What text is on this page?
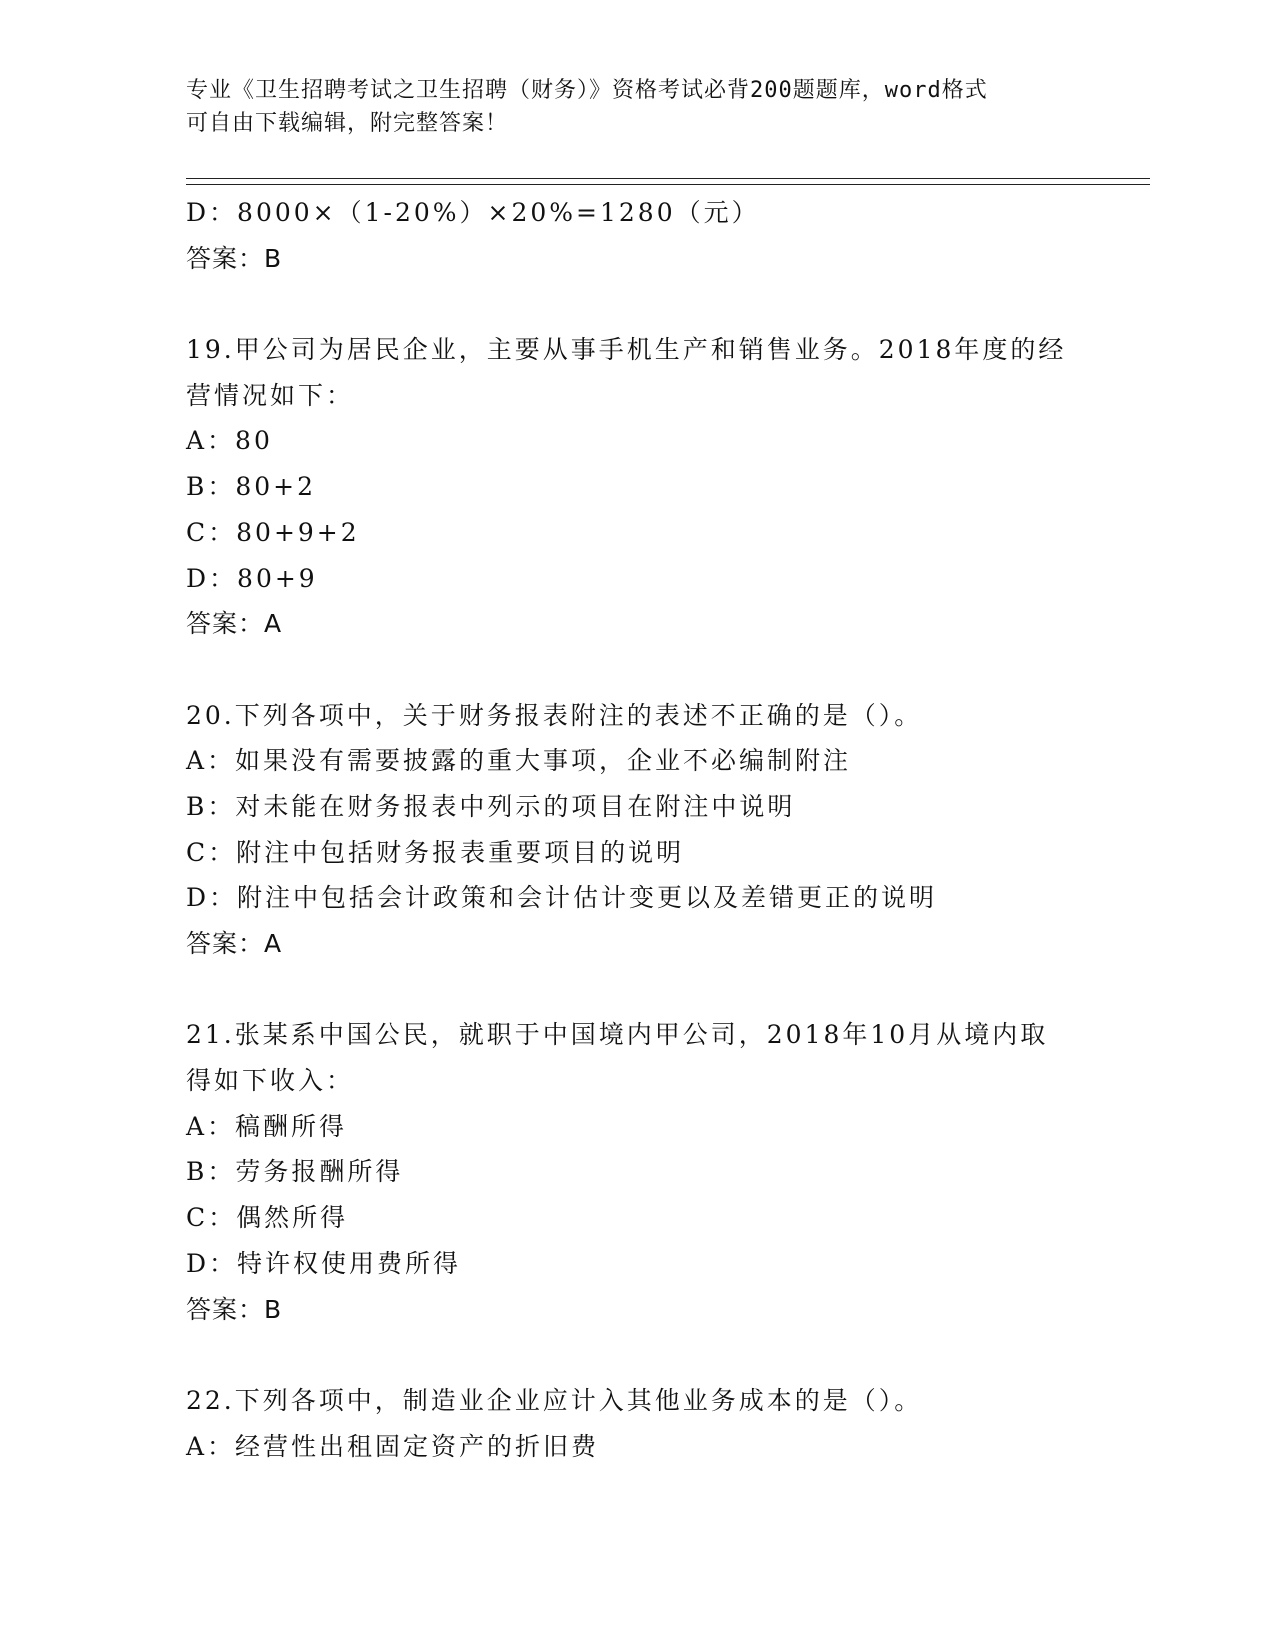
专业《卫生招聘考试之卫生招聘（财务）》资格考试必背200题题库，word格式
可自由下载编辑，附完整答案！
D：8000×（1-20%）×20%=1280（元）
答案：B
19.甲公司为居民企业，主要从事手机生产和销售业务。2018年度的经
营情况如下：
A：80
B：80+2
C：80+9+2
D：80+9
答案：A
20.下列各项中，关于财务报表附注的表述不正确的是（）。
A：如果没有需要披露的重大事项，企业不必编制附注
B：对未能在财务报表中列示的项目在附注中说明
C：附注中包括财务报表重要项目的说明
D：附注中包括会计政策和会计估计变更以及差错更正的说明
答案：A
21.张某系中国公民，就职于中国境内甲公司，2018年10月从境内取
得如下收入：
A：稿酬所得
B：劳务报酬所得
C：偶然所得
D：特许权使用费所得
答案：B
22.下列各项中，制造业企业应计入其他业务成本的是（）。
A：经营性出租固定资产的折旧费
